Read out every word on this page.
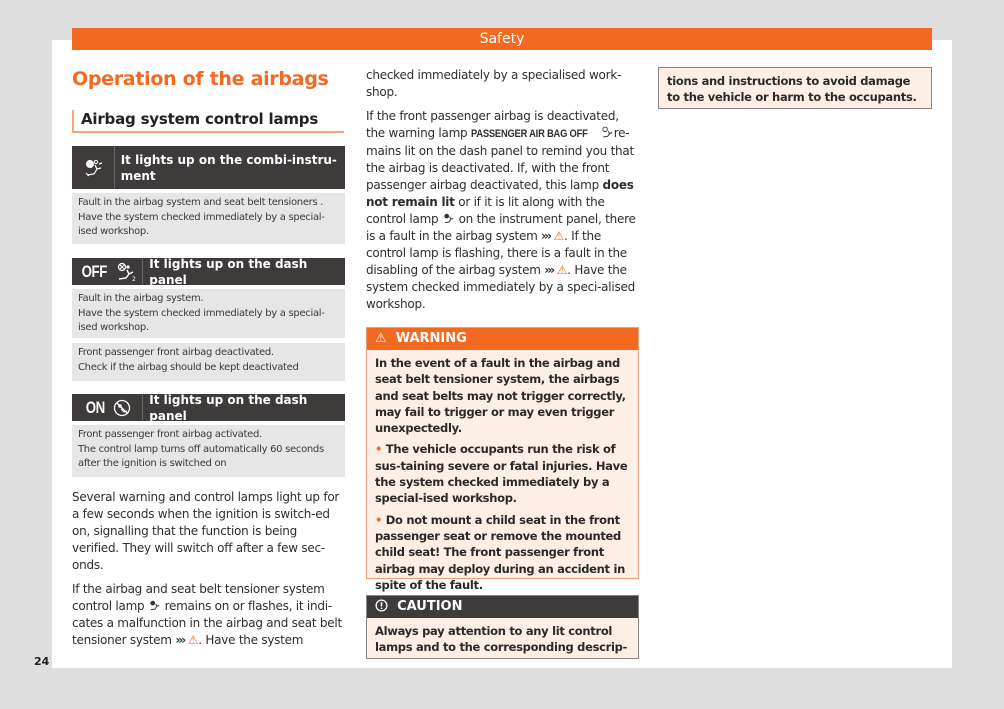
Safety
Operation of the airbags
Airbag system control lamps
It lights up on the combi-instru-ment
Fault in the airbag system and seat belt tensioners . Have the system checked immediately by a special-ised workshop.
OFF	2
It lights up on the dash panel
Fault in the airbag system.
Have the system checked immediately by a special-ised workshop.
Front passenger front airbag deactivated.
Check if the airbag should be kept deactivated
ON	It lights up on the dash panel
Front passenger front airbag activated.
The control lamp turns off automatically 60 seconds after the ignition is switched on

Several warning and control lamps light up for a few seconds when the ignition is switch-ed on, signalling that the function is being verified. They will switch off after a few sec-onds.

If the airbag and seat belt tensioner system control lamp remains on or flashes, it indi-cates a malfunction in the airbag and seat belt tensioner system ››› ⚠. Have the system

checked immediately by a specialised work-shop.

If the front passenger airbag is deactivated, the warning lamp PASSENGER AIR BAG OFF re-mains lit on the dash panel to remind you that the airbag is deactivated. If, with the front passenger airbag deactivated, this lamp does not remain lit or if it is lit along with the control lamp on the instrument panel, there is a fault in the airbag system ››› ⚠. If the control lamp is flashing, there is a fault in the disabling of the airbag system ››› ⚠. Have the system checked immediately by a speci-alised workshop.

⚠ WARNING

In the event of a fault in the airbag and seat belt tensioner system, the airbags and seat belts may not trigger correctly, may fail to trigger or may even trigger unexpectedly.

• The vehicle occupants run the risk of sus-taining severe or fatal injuries. Have the system checked immediately by a special-ised workshop.

• Do not mount a child seat in the front passenger seat or remove the mounted child seat! The front passenger front airbag may deploy during an accident in spite of the fault.

CAUTION
Always pay attention to any lit control lamps and to the corresponding descrip-
tions and instructions to avoid damage to the vehicle or harm to the occupants.
24
